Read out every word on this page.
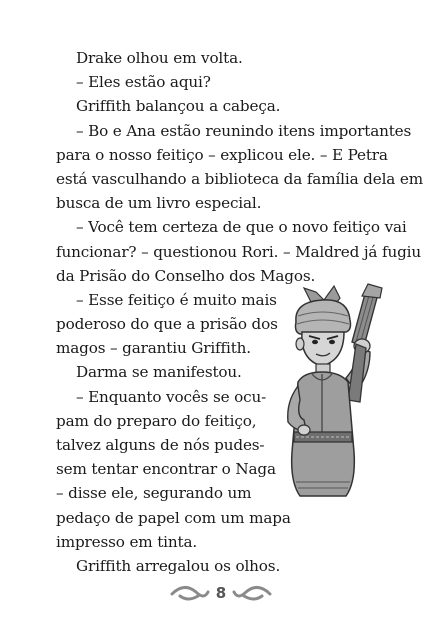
Drake olhou em volta.
– Eles estão aqui?
Griffith balançou a cabeça.
– Bo e Ana estão reunindo itens importantes
para o nosso feitiço – explicou ele. – E Petra
está vasculhando a biblioteca da família dela em
busca de um livro especial.
– Você tem certeza de que o novo feitiço vai
funcionar? – questionou Rori. – Maldred já fugiu
da Prisão do Conselho dos Magos.
– Esse feitiço é muito mais
poderoso do que a prisão dos
magos – garantiu Griffith.
Darma se manifestou.
– Enquanto vocês se ocu-
pam do preparo do feitiço,
talvez alguns de nós pudes-
sem tentar encontrar o Naga
– disse ele, segurando um
pedaço de papel com um mapa
impresso em tinta.
Griffith arregalou os olhos.
8
